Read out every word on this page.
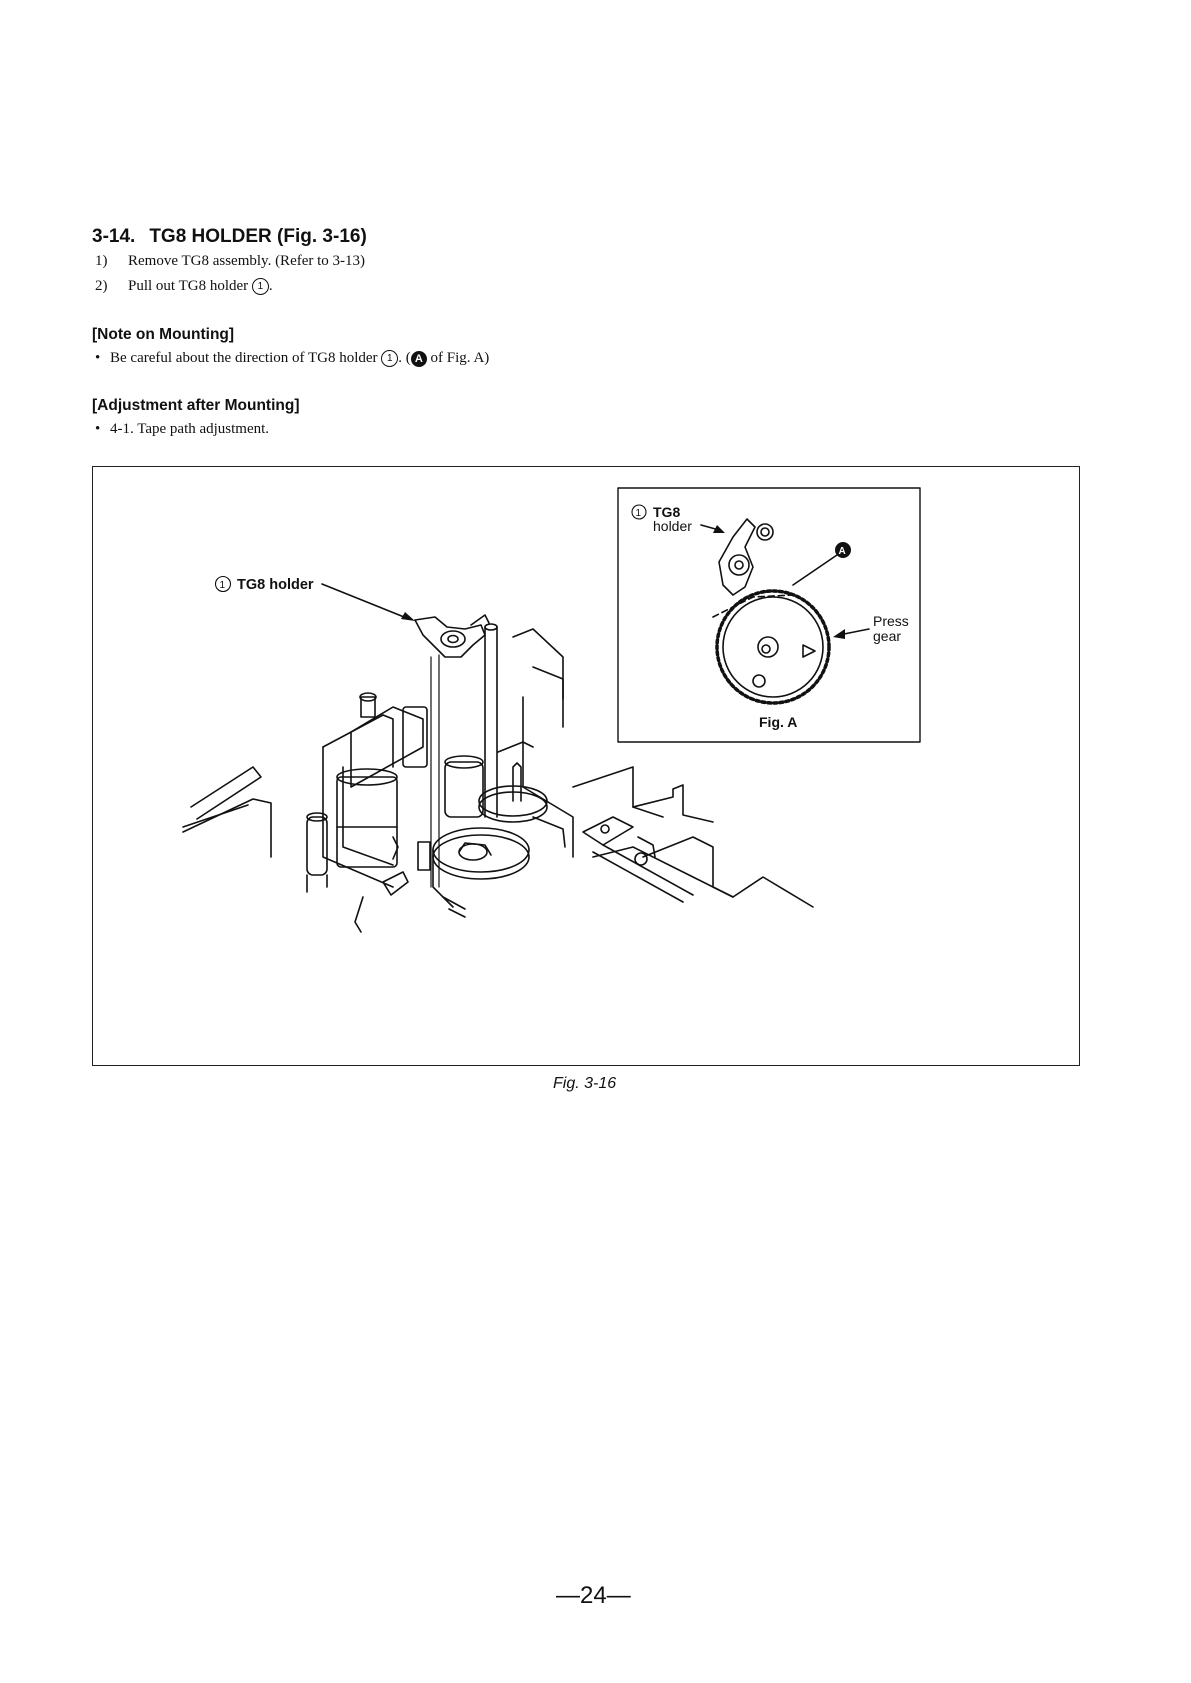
3-14. TG8 HOLDER (Fig. 3-16)
1) Remove TG8 assembly. (Refer to 3-13)
2) Pull out TG8 holder 1 .
[Note on Mounting]
• Be careful about the direction of TG8 holder 1 . ( A of Fig. A)
[Adjustment after Mounting]
• 4-1. Tape path adjustment.
1 TG8 holder
1 TG8
holder
Press
gear
Fig. A
A
Fig. 3-16
—24—
